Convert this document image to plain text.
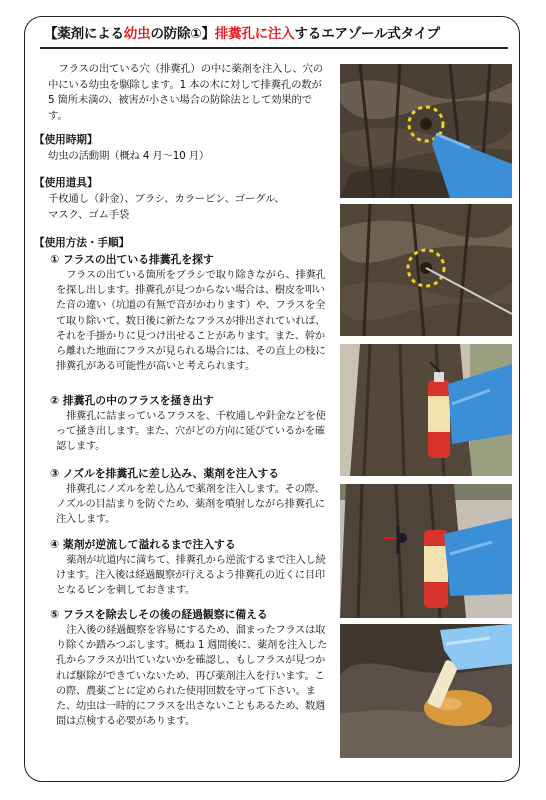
【薬剤による幼虫の防除①】排糞孔に注入するエアゾール式タイプ
フラスの出ている穴（排糞孔）の中に薬剤を注入し、穴の中にいる幼虫を駆除します。1 本の木に対して排糞孔の数が 5 箇所未満の、被害が小さい場合の防除法として効果的です。
【使用時期】
幼虫の活動期（概ね 4 月～10 月）
【使用道具】
千枚通し（針金）、ブラシ、カラーピン、ゴーグル、
マスク、ゴム手袋
【使用方法・手順】
① フラスの出ている排糞孔を探す
フラスの出ている箇所をブラシで取り除きながら、排糞孔を探し出します。排糞孔が見つからない場合は、樹皮を叩いた音の違い（坑道の有無で音がかわります）や、フラスを全て取り除いて、数日後に新たなフラスが排出されていれば、それを手掛かりに見つけ出せることがあります。また、幹から離れた地面にフラスが見られる場合には、その直上の枝に排糞孔がある可能性が高いと考えられます。
② 排糞孔の中のフラスを掻き出す
排糞孔に詰まっているフラスを、千枚通しや針金などを使って掻き出します。また、穴がどの方向に延びているかを確認します。
③ ノズルを排糞孔に差し込み、薬剤を注入する
排糞孔にノズルを差し込んで薬剤を注入します。その際、ノズルの目詰まりを防ぐため、薬剤を噴射しながら排糞孔に注入します。
④ 薬剤が逆流して溢れるまで注入する
薬剤が坑道内に満ちて、排糞孔から逆流するまで注入し続けます。注入後は経過観察が行えるよう排糞孔の近くに目印となるピンを刺しておきます。
⑤ フラスを除去しその後の経過観察に備える
注入後の経過観察を容易にするため、溜まったフラスは取り除くか踏みつぶします。概ね 1 週間後に、薬剤を注入した孔からフラスが出ていないかを確認し、もしフラスが見つかれば駆除ができていないため、再び薬剤注入を行います。この際、農薬ごとに定められた使用回数を守って下さい。また、幼虫は一時的にフラスを出さないこともあるため、数週間は点検する必要があります。
